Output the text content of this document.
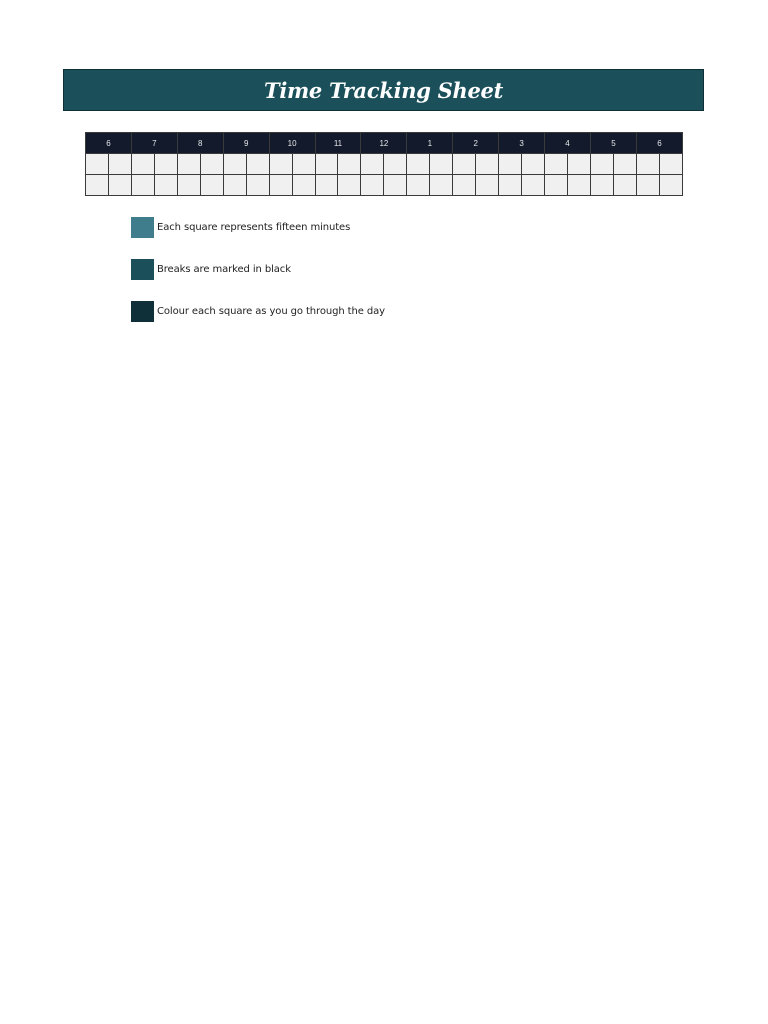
Time Tracking Sheet
6		7		8		9		10		11		12		1		2		3		4		5		6	

Each square represents fifteen minutes
Breaks are marked in black
Colour each square as you go through the day
